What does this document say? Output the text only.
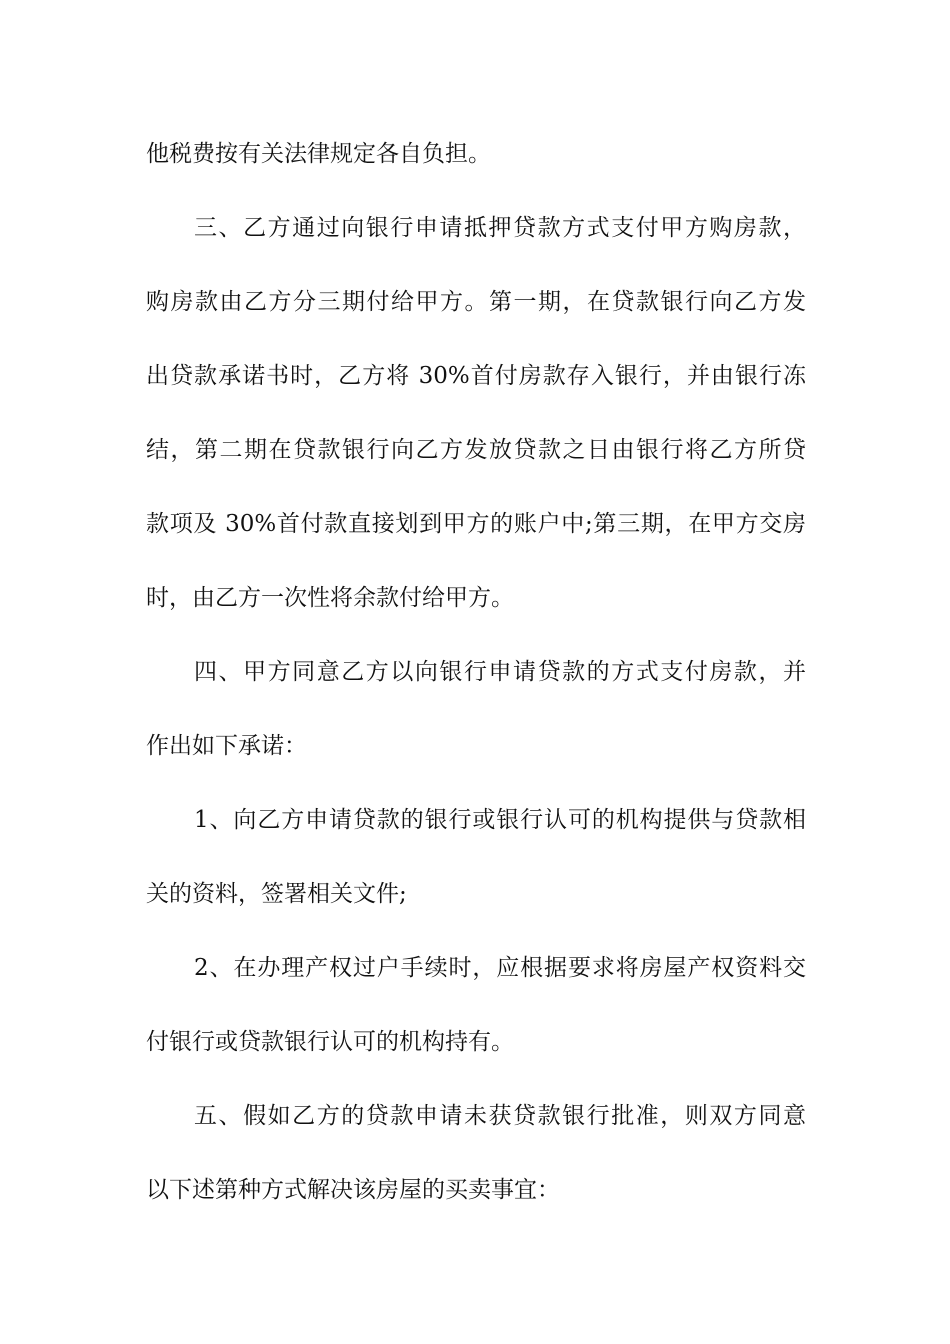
他税费按有关法律规定各自负担。
三、乙方通过向银行申请抵押贷款方式支付甲方购房款，
购房款由乙方分三期付给甲方。第一期，在贷款银行向乙方发
出贷款承诺书时，乙方将 30%首付房款存入银行，并由银行冻
结，第二期在贷款银行向乙方发放贷款之日由银行将乙方所贷
款项及 30%首付款直接划到甲方的账户中;第三期，在甲方交房
时，由乙方一次性将余款付给甲方。
四、甲方同意乙方以向银行申请贷款的方式支付房款，并
作出如下承诺：
1、向乙方申请贷款的银行或银行认可的机构提供与贷款相
关的资料，签署相关文件;
2、在办理产权过户手续时，应根据要求将房屋产权资料交
付银行或贷款银行认可的机构持有。
五、假如乙方的贷款申请未获贷款银行批准，则双方同意
以下述第种方式解决该房屋的买卖事宜：
